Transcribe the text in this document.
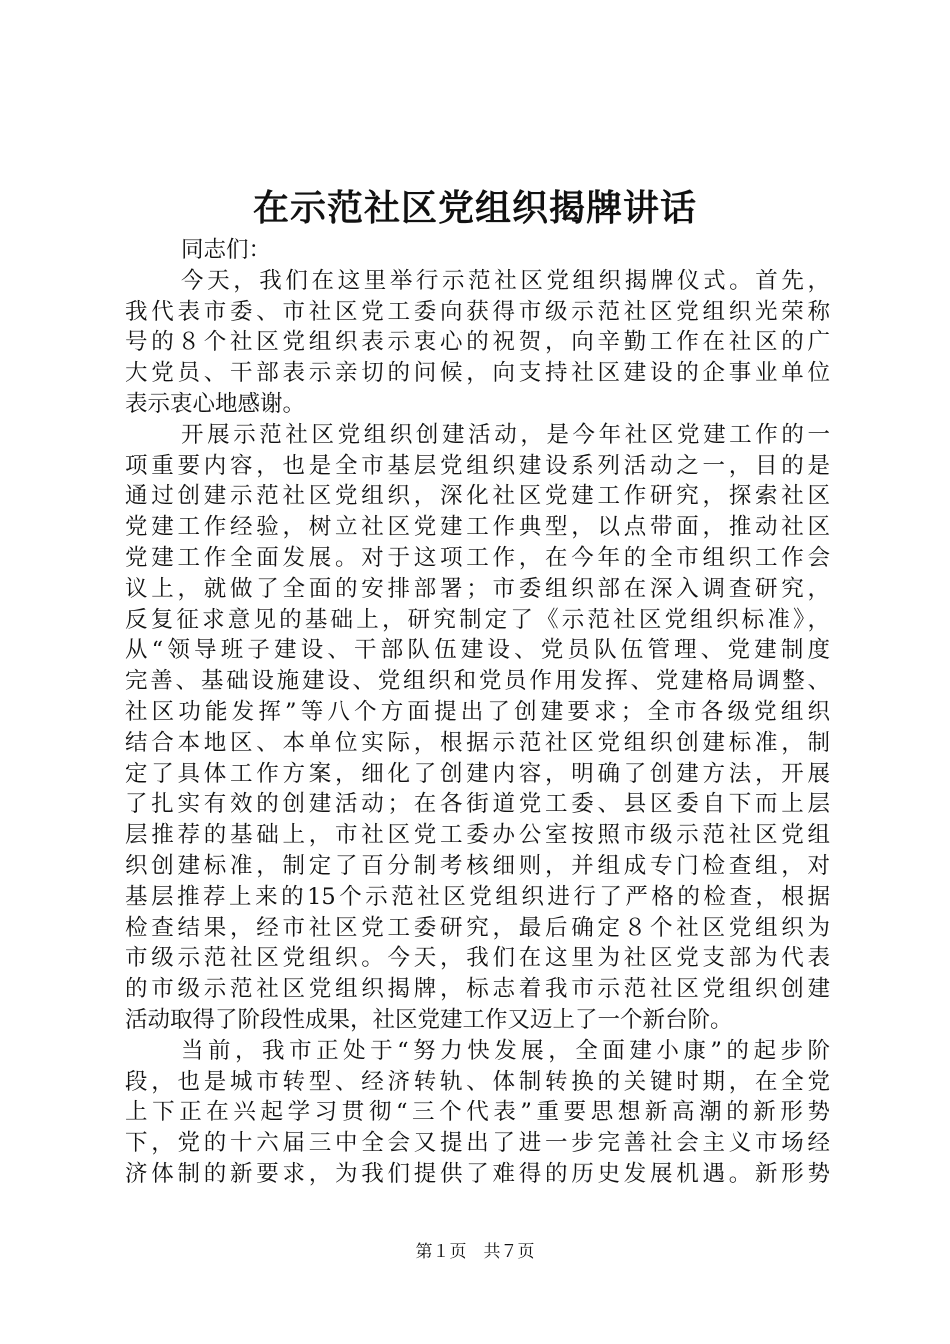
在示范社区党组织揭牌讲话
同志们：
今天，我们在这里举行示范社区党组织揭牌仪式。首先，
我代表市委、市社区党工委向获得市级示范社区党组织光荣称
号的８个社区党组织表示衷心的祝贺，向辛勤工作在社区的广
大党员、干部表示亲切的问候，向支持社区建设的企事业单位
表示衷心地感谢。
开展示范社区党组织创建活动，是今年社区党建工作的一
项重要内容，也是全市基层党组织建设系列活动之一，目的是
通过创建示范社区党组织，深化社区党建工作研究，探索社区
党建工作经验，树立社区党建工作典型，以点带面，推动社区
党建工作全面发展。对于这项工作，在今年的全市组织工作会
议上，就做了全面的安排部署；市委组织部在深入调查研究，
反复征求意见的基础上，研究制定了《示范社区党组织标准》，
从“领导班子建设、干部队伍建设、党员队伍管理、党建制度
完善、基础设施建设、党组织和党员作用发挥、党建格局调整、
社区功能发挥”等八个方面提出了创建要求；全市各级党组织
结合本地区、本单位实际，根据示范社区党组织创建标准，制
定了具体工作方案，细化了创建内容，明确了创建方法，开展
了扎实有效的创建活动；在各街道党工委、县区委自下而上层
层推荐的基础上，市社区党工委办公室按照市级示范社区党组
织创建标准，制定了百分制考核细则，并组成专门检查组，对
基层推荐上来的15个示范社区党组织进行了严格的检查，根据
检查结果，经市社区党工委研究，最后确定８个社区党组织为
市级示范社区党组织。今天，我们在这里为社区党支部为代表
的市级示范社区党组织揭牌，标志着我市示范社区党组织创建
活动取得了阶段性成果，社区党建工作又迈上了一个新台阶。
当前，我市正处于“努力快发展，全面建小康”的起步阶
段，也是城市转型、经济转轨、体制转换的关键时期，在全党
上下正在兴起学习贯彻“三个代表”重要思想新高潮的新形势
下，党的十六届三中全会又提出了进一步完善社会主义市场经
济体制的新要求，为我们提供了难得的历史发展机遇。新形势
第１页　共７页
